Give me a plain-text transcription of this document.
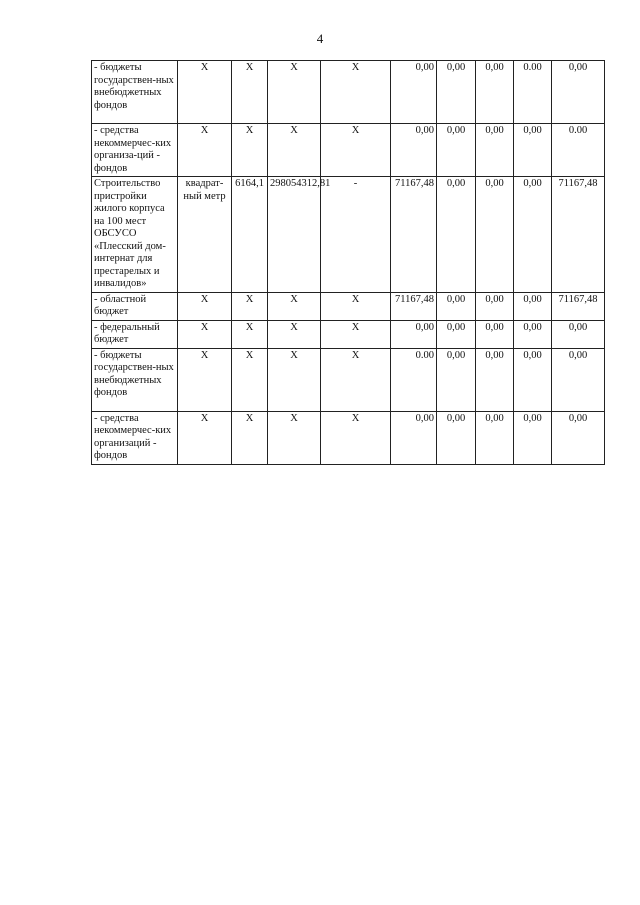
4
- бюджеты государствен-ных внебюджетных фондов	Х	Х	Х	Х	0,00	0,00	0,00	0.00	0,00
- средства некоммерчес-ких организа-ций - фондов	Х	Х	Х	Х	0,00	0,00	0,00	0,00	0.00
Строительство пристройки жилого корпуса на 100 мест ОБСУСО «Плесский дом-интернат для престарелых и инвалидов»	квадрат-ный метр	6164,1	298054312,81	-	71167,48	0,00	0,00	0,00	71167,48
- областной бюджет	Х	Х	Х	Х	71167,48	0,00	0,00	0,00	71167,48
- федеральный бюджет	Х	Х	Х	Х	0,00	0,00	0,00	0,00	0,00
- бюджеты государствен-ных внебюджетных фондов	Х	Х	Х	Х	0.00	0,00	0,00	0,00	0,00
- средства некоммерчес-ких организаций - фондов	Х	Х	Х	Х	0,00	0,00	0,00	0,00	0,00
